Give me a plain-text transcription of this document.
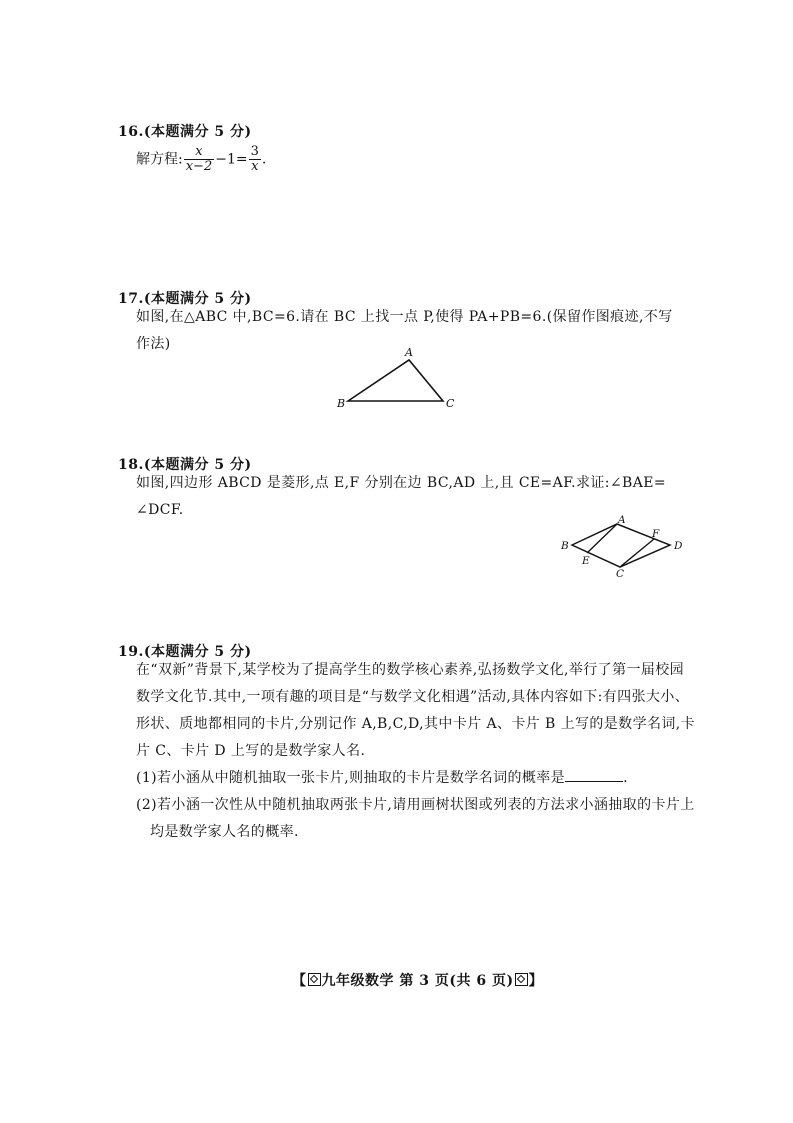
16.(本题满分 5 分)
解方程: $\frac{x}{x-2} -1= \frac{3}{x}$ .
17.(本题满分 5 分)
如图,在△ABC 中,BC=6.请在 BC 上找一点 P,使得 PA+PB=6.(保留作图痕迹,不写
作法)
A
B	C
18.(本题满分 5 分)
如图,四边形 ABCD 是菱形,点 E,F 分别在边 BC,AD 上,且 CE=AF.求证:∠BAE=
∠DCF.
A
B
C
D
E
F
19.(本题满分 5 分)
在“双新”背景下,某学校为了提高学生的数学核心素养,弘扬数学文化,举行了第一届校园
数学文化节.其中,一项有趣的项目是“与数学文化相遇”活动,具体内容如下:有四张大小、
形状、质地都相同的卡片,分别记作 A,B,C,D,其中卡片 A、卡片 B 上写的是数学名词,卡
片 C、卡片 D 上写的是数学家人名.
(1)若小涵从中随机抽取一张卡片,则抽取的卡片是数学名词的概率是	.
(2)若小涵一次性从中随机抽取两张卡片,请用画树状图或列表的方法求小涵抽取的卡片上
均是数学家人名的概率.
【 九年级数学 第 3 页(共 6 页) 】
